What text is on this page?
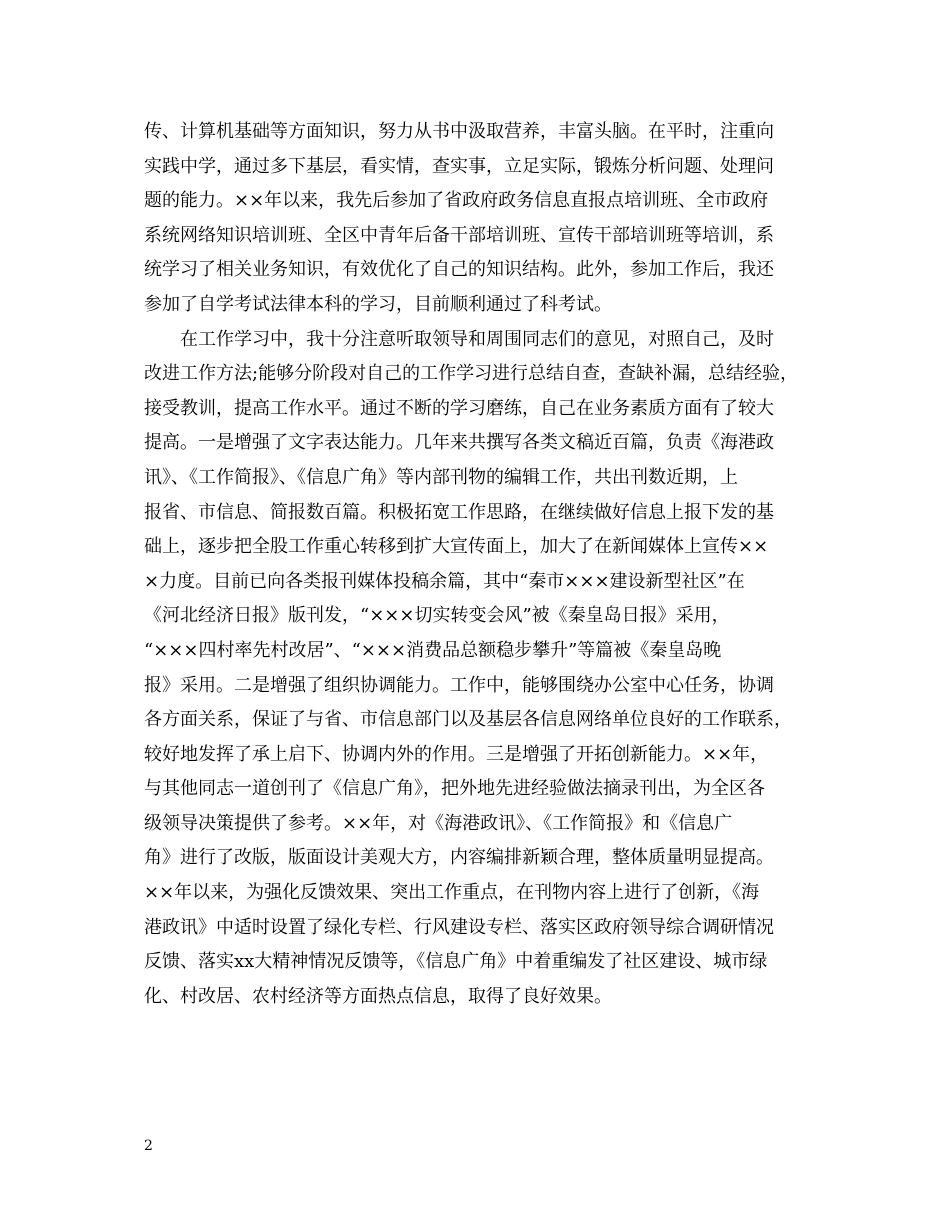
传、计算机基础等方面知识，努力从书中汲取营养，丰富头脑。在平时，注重向
实践中学，通过多下基层，看实情，查实事，立足实际，锻炼分析问题、处理问
题的能力。××年以来，我先后参加了省政府政务信息直报点培训班、全市政府
系统网络知识培训班、全区中青年后备干部培训班、宣传干部培训班等培训，系
统学习了相关业务知识，有效优化了自己的知识结构。此外，参加工作后，我还
参加了自学考试法律本科的学习，目前顺利通过了科考试。
在工作学习中，我十分注意听取领导和周围同志们的意见，对照自己，及时
改进工作方法;能够分阶段对自己的工作学习进行总结自查，查缺补漏，总结经验，
接受教训，提高工作水平。通过不断的学习磨练，自己在业务素质方面有了较大
提高。一是增强了文字表达能力。几年来共撰写各类文稿近百篇，负责《海港政
讯》、《工作简报》、《信息广角》等内部刊物的编辑工作，共出刊数近期，上
报省、市信息、简报数百篇。积极拓宽工作思路，在继续做好信息上报下发的基
础上，逐步把全股工作重心转移到扩大宣传面上，加大了在新闻媒体上宣传××
×力度。目前已向各类报刊媒体投稿余篇，其中“秦市×××建设新型社区”在
《河北经济日报》版刊发，“×××切实转变会风”被《秦皇岛日报》采用，
“×××四村率先村改居”、“×××消费品总额稳步攀升”等篇被《秦皇岛晚
报》采用。二是增强了组织协调能力。工作中，能够围绕办公室中心任务，协调
各方面关系，保证了与省、市信息部门以及基层各信息网络单位良好的工作联系，
较好地发挥了承上启下、协调内外的作用。三是增强了开拓创新能力。××年，
与其他同志一道创刊了《信息广角》，把外地先进经验做法摘录刊出，为全区各
级领导决策提供了参考。××年，对《海港政讯》、《工作简报》和《信息广
角》进行了改版，版面设计美观大方，内容编排新颖合理，整体质量明显提高。
××年以来，为强化反馈效果、突出工作重点，在刊物内容上进行了创新，《海
港政讯》中适时设置了绿化专栏、行风建设专栏、落实区政府领导综合调研情况
反馈、落实xx大精神情况反馈等，《信息广角》中着重编发了社区建设、城市绿
化、村改居、农村经济等方面热点信息，取得了良好效果。
2
